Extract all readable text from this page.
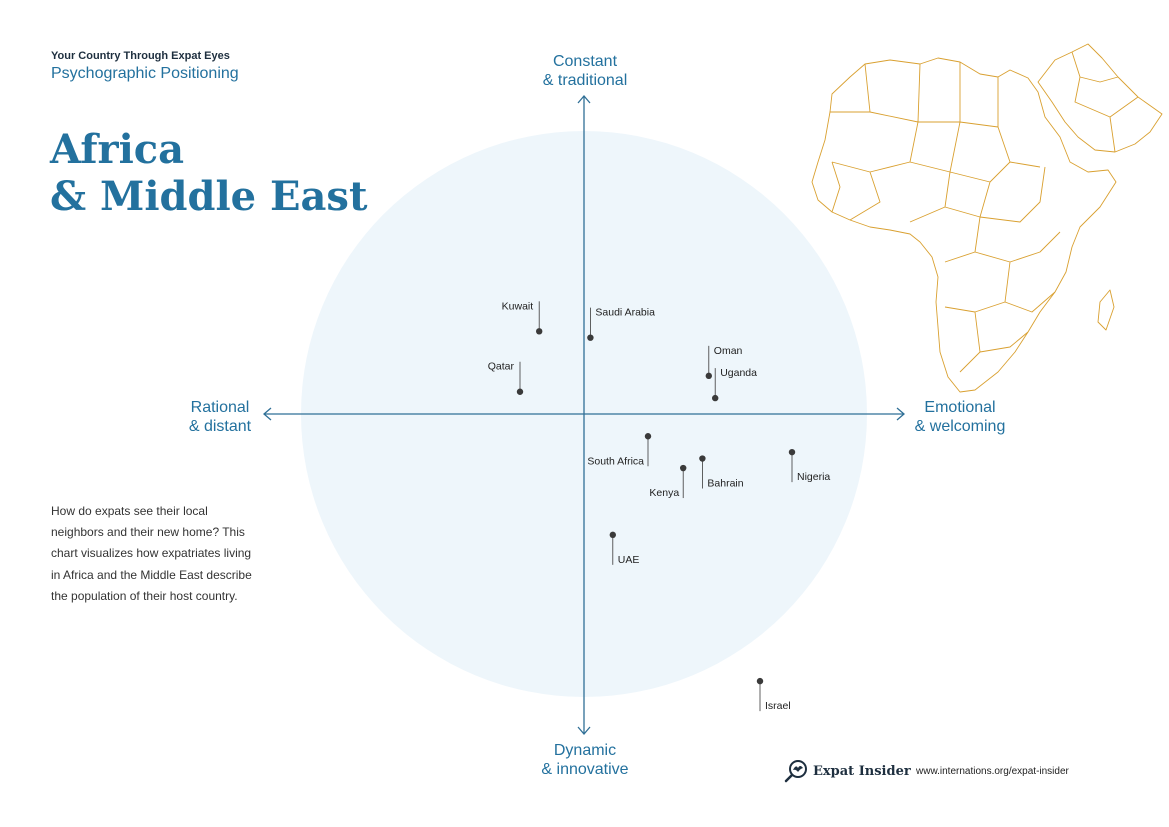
Your Country Through Expat Eyes
Psychographic Positioning
Africa
& Middle East
How do expats see their local neighbors and their new home? This chart visualizes how expatriates living in Africa and the Middle East describe the population of their host country.
Kuwait
Saudi Arabia
Qatar
Oman
Uganda
South Africa
Kenya
Bahrain
Nigeria
UAE
Israel
Constant
& traditional
Dynamic
& innovative
Rational
& distant
Emotional
& welcoming
Expat Insider www.internations.org/expat-insider
